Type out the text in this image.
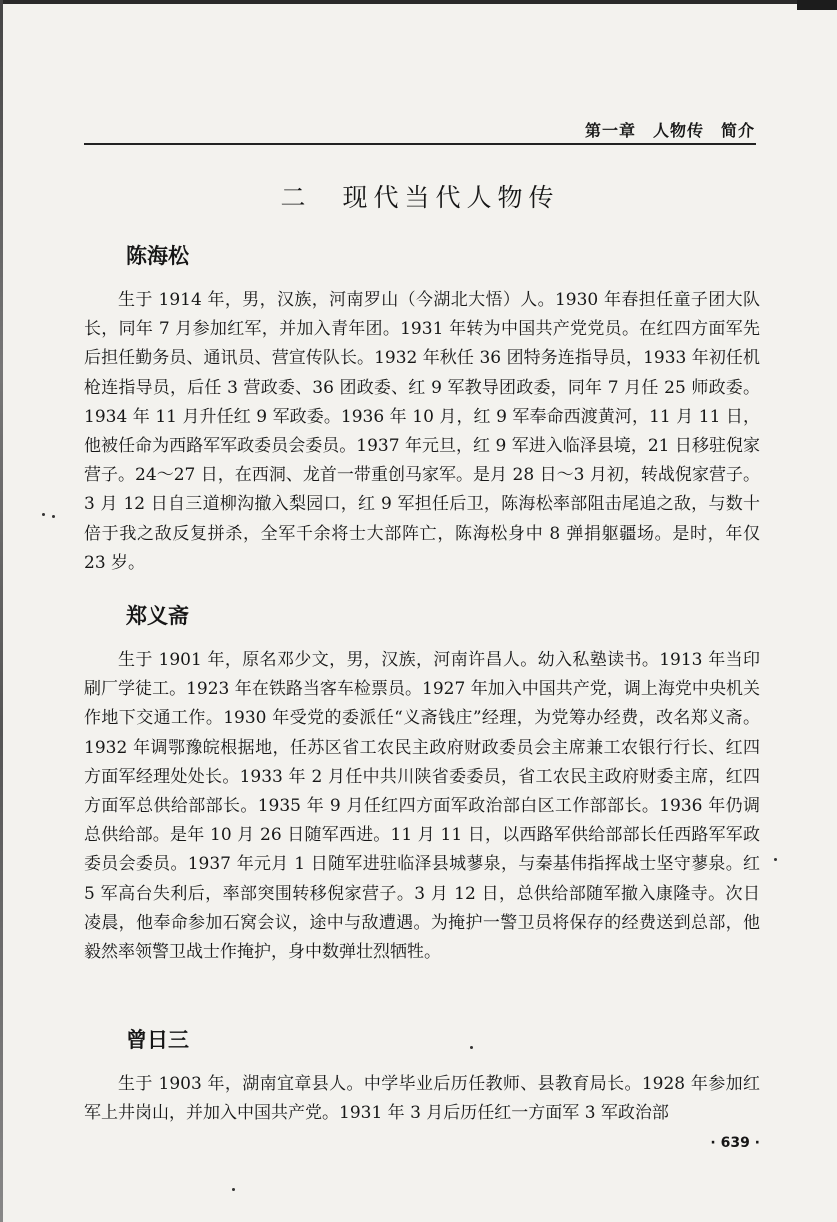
第一章　人物传　简介
二　现代当代人物传
陈海松

生于 1914 年，男，汉族，河南罗山（今湖北大悟）人。1930 年春担任童子团大队长，同年 7 月参加红军，并加入青年团。1931 年转为中国共产党党员。在红四方面军先后担任勤务员、通讯员、营宣传队长。1932 年秋任 36 团特务连指导员，1933 年初任机枪连指导员，后任 3 营政委、36 团政委、红 9 军教导团政委，同年 7 月任 25 师政委。1934 年 11 月升任红 9 军政委。1936 年 10 月，红 9 军奉命西渡黄河，11 月 11 日，他被任命为西路军军政委员会委员。1937 年元旦，红 9 军进入临泽县境，21 日移驻倪家营子。24～27 日，在西洞、龙首一带重创马家军。是月 28 日～3 月初，转战倪家营子。3 月 12 日自三道柳沟撤入梨园口，红 9 军担任后卫，陈海松率部阻击尾追之敌，与数十倍于我之敌反复拼杀，全军千余将士大部阵亡，陈海松身中 8 弹捐躯疆场。是时，年仅 23 岁。

郑义斋

生于 1901 年，原名邓少文，男，汉族，河南许昌人。幼入私塾读书。1913 年当印刷厂学徒工。1923 年在铁路当客车检票员。1927 年加入中国共产党，调上海党中央机关作地下交通工作。1930 年受党的委派任“义斋钱庄”经理，为党筹办经费，改名郑义斋。1932 年调鄂豫皖根据地，任苏区省工农民主政府财政委员会主席兼工农银行行长、红四方面军经理处处长。1933 年 2 月任中共川陕省委委员，省工农民主政府财委主席，红四方面军总供给部部长。1935 年 9 月任红四方面军政治部白区工作部部长。1936 年仍调总供给部。是年 10 月 26 日随军西进。11 月 11 日，以西路军供给部部长任西路军军政委员会委员。1937 年元月 1 日随军进驻临泽县城蓼泉，与秦基伟指挥战士坚守蓼泉。红 5 军高台失利后，率部突围转移倪家营子。3 月 12 日，总供给部随军撤入康隆寺。次日凌晨，他奉命参加石窝会议，途中与敌遭遇。为掩护一警卫员将保存的经费送到总部，他毅然率领警卫战士作掩护，身中数弹壮烈牺牲。

曾日三

生于 1903 年，湖南宜章县人。中学毕业后历任教师、县教育局长。1928 年参加红军上井岗山，并加入中国共产党。1931 年 3 月后历任红一方面军 3 军政治部

· 639 ·
